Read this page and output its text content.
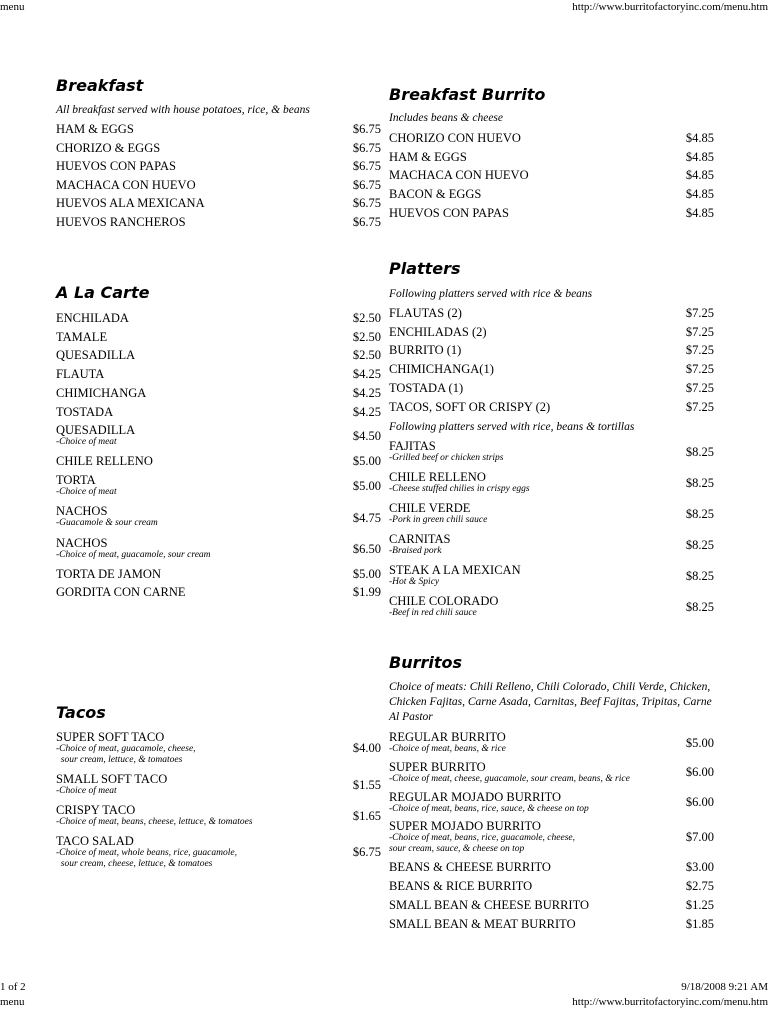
menu	http://www.burritofactoryinc.com/menu.htm
Breakfast
All breakfast served with house potatoes, rice, & beans
A La Carte
Tacos
HAM & EGGS	$6.75
CHORIZO & EGGS	$6.75
HUEVOS CON PAPAS	$6.75
MACHACA CON HUEVO	$6.75
HUEVOS ALA MEXICANA	$6.75
HUEVOS RANCHEROS	$6.75
ENCHILADA	$2.50
TAMALE	$2.50
QUESADILLA	$2.50
FLAUTA	$4.25
CHIMICHANGA	$4.25
TOSTADA	$4.25
QUESADILLA
-Choice of meat	$4.50
CHILE RELLENO	$5.00
TORTA
-Choice of meat	$5.00
NACHOS
-Guacamole & sour cream	$4.75
NACHOS
-Choice of meat, guacamole, sour cream	$6.50
TORTA DE JAMON	$5.00
GORDITA CON CARNE	$1.99
SUPER SOFT TACO
-Choice of meat, guacamole, cheese,
sour cream, lettuce, & tomatoes
$4.00
SMALL SOFT TACO
-Choice of meat	$1.55
CRISPY TACO
-Choice of meat, beans, cheese, lettuce, & tomatoes	$1.65
TACO SALAD
-Choice of meat, whole beans, rice, guacamole,
sour cream, cheese, lettuce, & tomatoes
$6.75
Breakfast Burrito
Includes beans & cheese
Platters
Following platters served with rice & beans
Following platters served with rice, beans & tortillas
Burritos
Choice of meats: Chili Relleno, Chili Colorado, Chili Verde, Chicken, Chicken Fajitas, Carne Asada, Carnitas, Beef Fajitas, Tripitas, Carne Al Pastor
CHORIZO CON HUEVO	$4.85
HAM & EGGS	$4.85
MACHACA CON HUEVO	$4.85
BACON & EGGS	$4.85
HUEVOS CON PAPAS	$4.85
FLAUTAS (2)	$7.25
ENCHILADAS (2)	$7.25
BURRITO (1)	$7.25
CHIMICHANGA(1)	$7.25
TOSTADA (1)	$7.25
TACOS, SOFT OR CRISPY (2)	$7.25
FAJITAS
-Grilled beef or chicken strips	$8.25
CHILE RELLENO
-Cheese stuffed chilies in crispy eggs	$8.25
CHILE VERDE
-Pork in green chili sauce	$8.25
CARNITAS
-Braised pork	$8.25
STEAK A LA MEXICAN
-Hot & Spicy	$8.25
CHILE COLORADO
-Beef in red chili sauce	$8.25
REGULAR BURRITO
-Choice of meat, beans, & rice	$5.00
SUPER BURRITO
-Choice of meat, cheese, guacamole, sour cream, beans, & rice	$6.00
REGULAR MOJADO BURRITO
-Choice of meat, beans, rice, sauce, & cheese on top	$6.00
SUPER MOJADO BURRITO
-Choice of meat, beans, rice, guacamole, cheese,
sour cream, sauce, & cheese on top
$7.00
BEANS & CHEESE BURRITO	$3.00
BEANS & RICE BURRITO	$2.75
SMALL BEAN & CHEESE BURRITO	$1.25
SMALL BEAN & MEAT BURRITO	$1.85
1 of 2	9/18/2008 9:21 AM
menu	http://www.burritofactoryinc.com/menu.htm
